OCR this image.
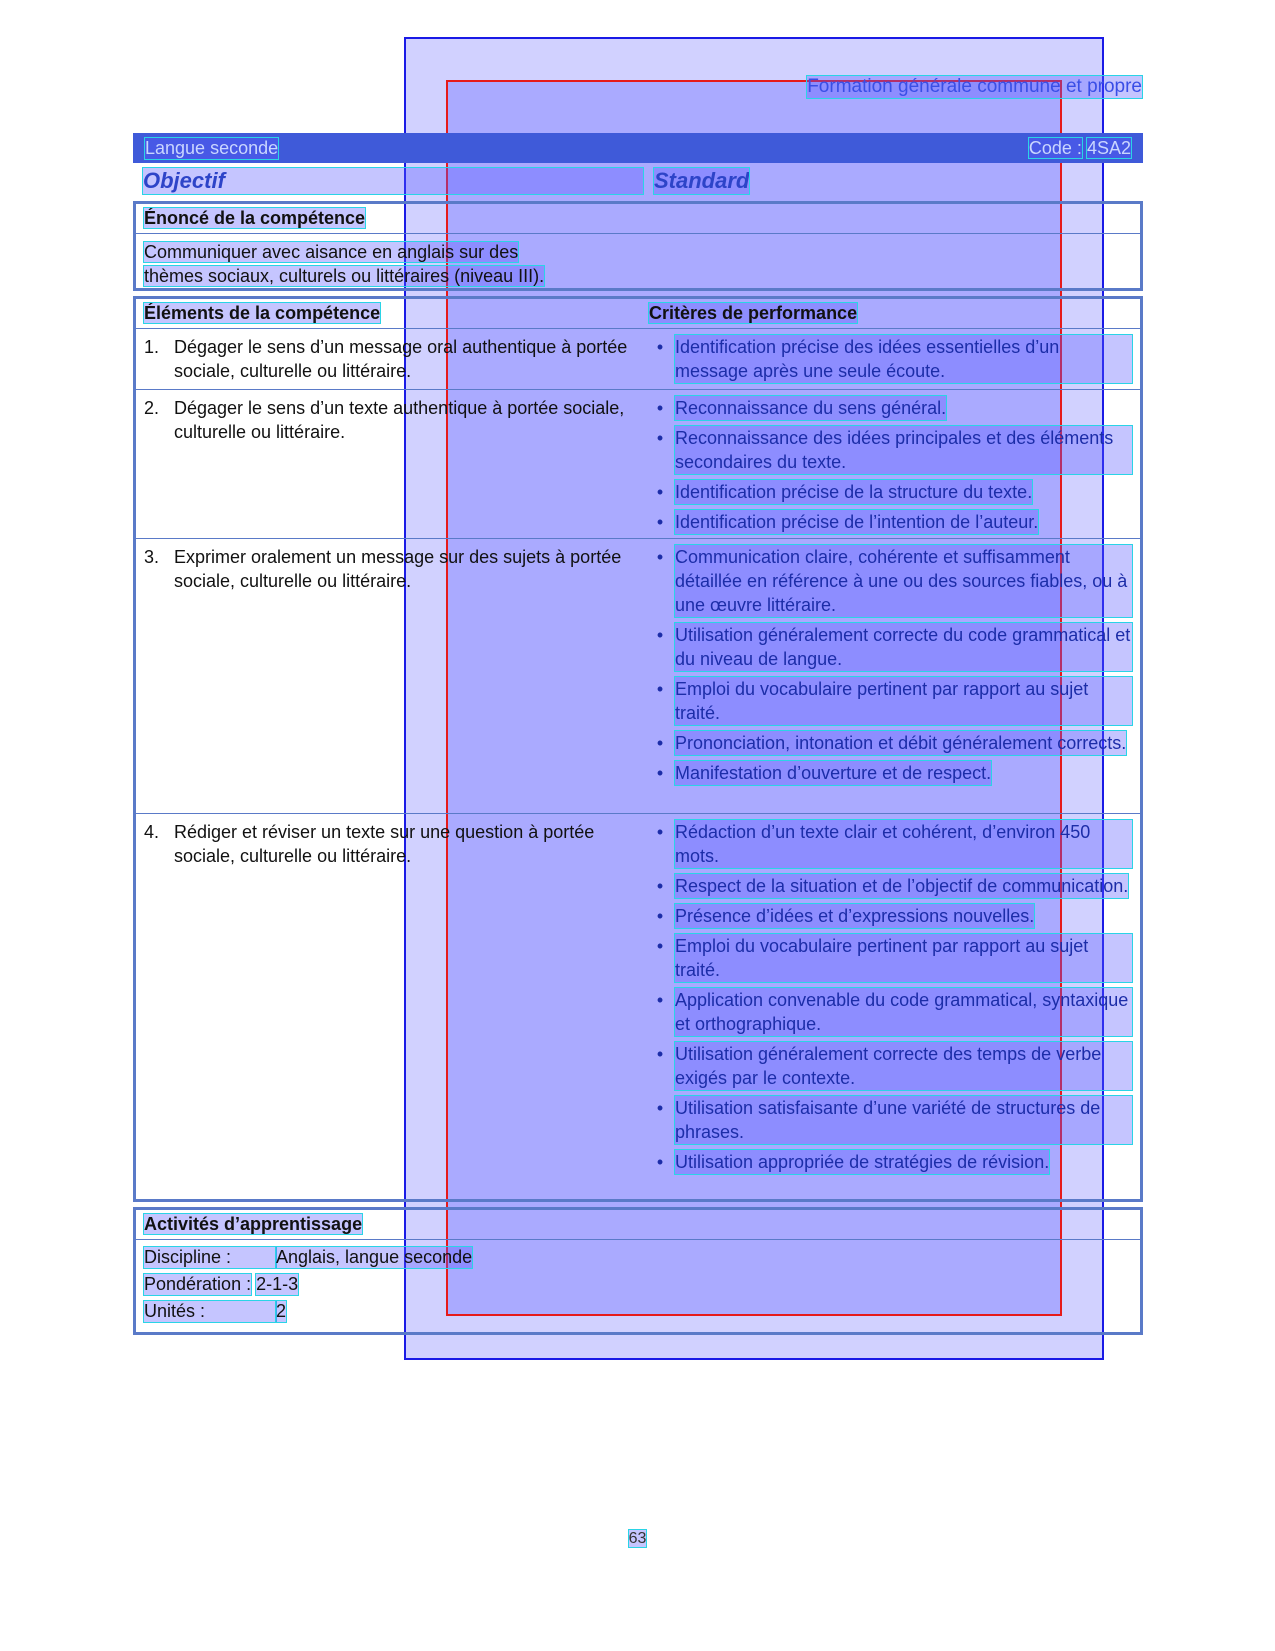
Formation générale commune et propre
Langue seconde	Code : 4SA2
Objectif	Standard
Énoncé de la compétence
Communiquer avec aisance en anglais sur des
thèmes sociaux, culturels ou littéraires (niveau III).
Éléments de la compétence	Critères de performance
1. Dégager le sens d’un message oral authentique à portée sociale, culturelle ou littéraire.
• Identification précise des idées essentielles d’un message après une seule écoute.
2. Dégager le sens d’un texte authentique à portée sociale, culturelle ou littéraire.
• Reconnaissance du sens général.
• Reconnaissance des idées principales et des éléments secondaires du texte.
• Identification précise de la structure du texte.
• Identification précise de l’intention de l’auteur.
3. Exprimer oralement un message sur des sujets à portée sociale, culturelle ou littéraire.
• Communication claire, cohérente et suffisamment détaillée en référence à une ou des sources fiables, ou à une œuvre littéraire.
• Utilisation généralement correcte du code grammatical et du niveau de langue.
• Emploi du vocabulaire pertinent par rapport au sujet traité.
• Prononciation, intonation et débit généralement corrects.
• Manifestation d’ouverture et de respect.
4. Rédiger et réviser un texte sur une question à portée sociale, culturelle ou littéraire.
• Rédaction d’un texte clair et cohérent, d’environ 450 mots.
• Respect de la situation et de l’objectif de communication.
• Présence d’idées et d’expressions nouvelles.
• Emploi du vocabulaire pertinent par rapport au sujet traité.
• Application convenable du code grammatical, syntaxique et orthographique.
• Utilisation généralement correcte des temps de verbe exigés par le contexte.
• Utilisation satisfaisante d’une variété de structures de phrases.
• Utilisation appropriée de stratégies de révision.
Activités d’apprentissage
Discipline :	Anglais, langue seconde
Pondération :
2-1-3
Unités :	2
63
